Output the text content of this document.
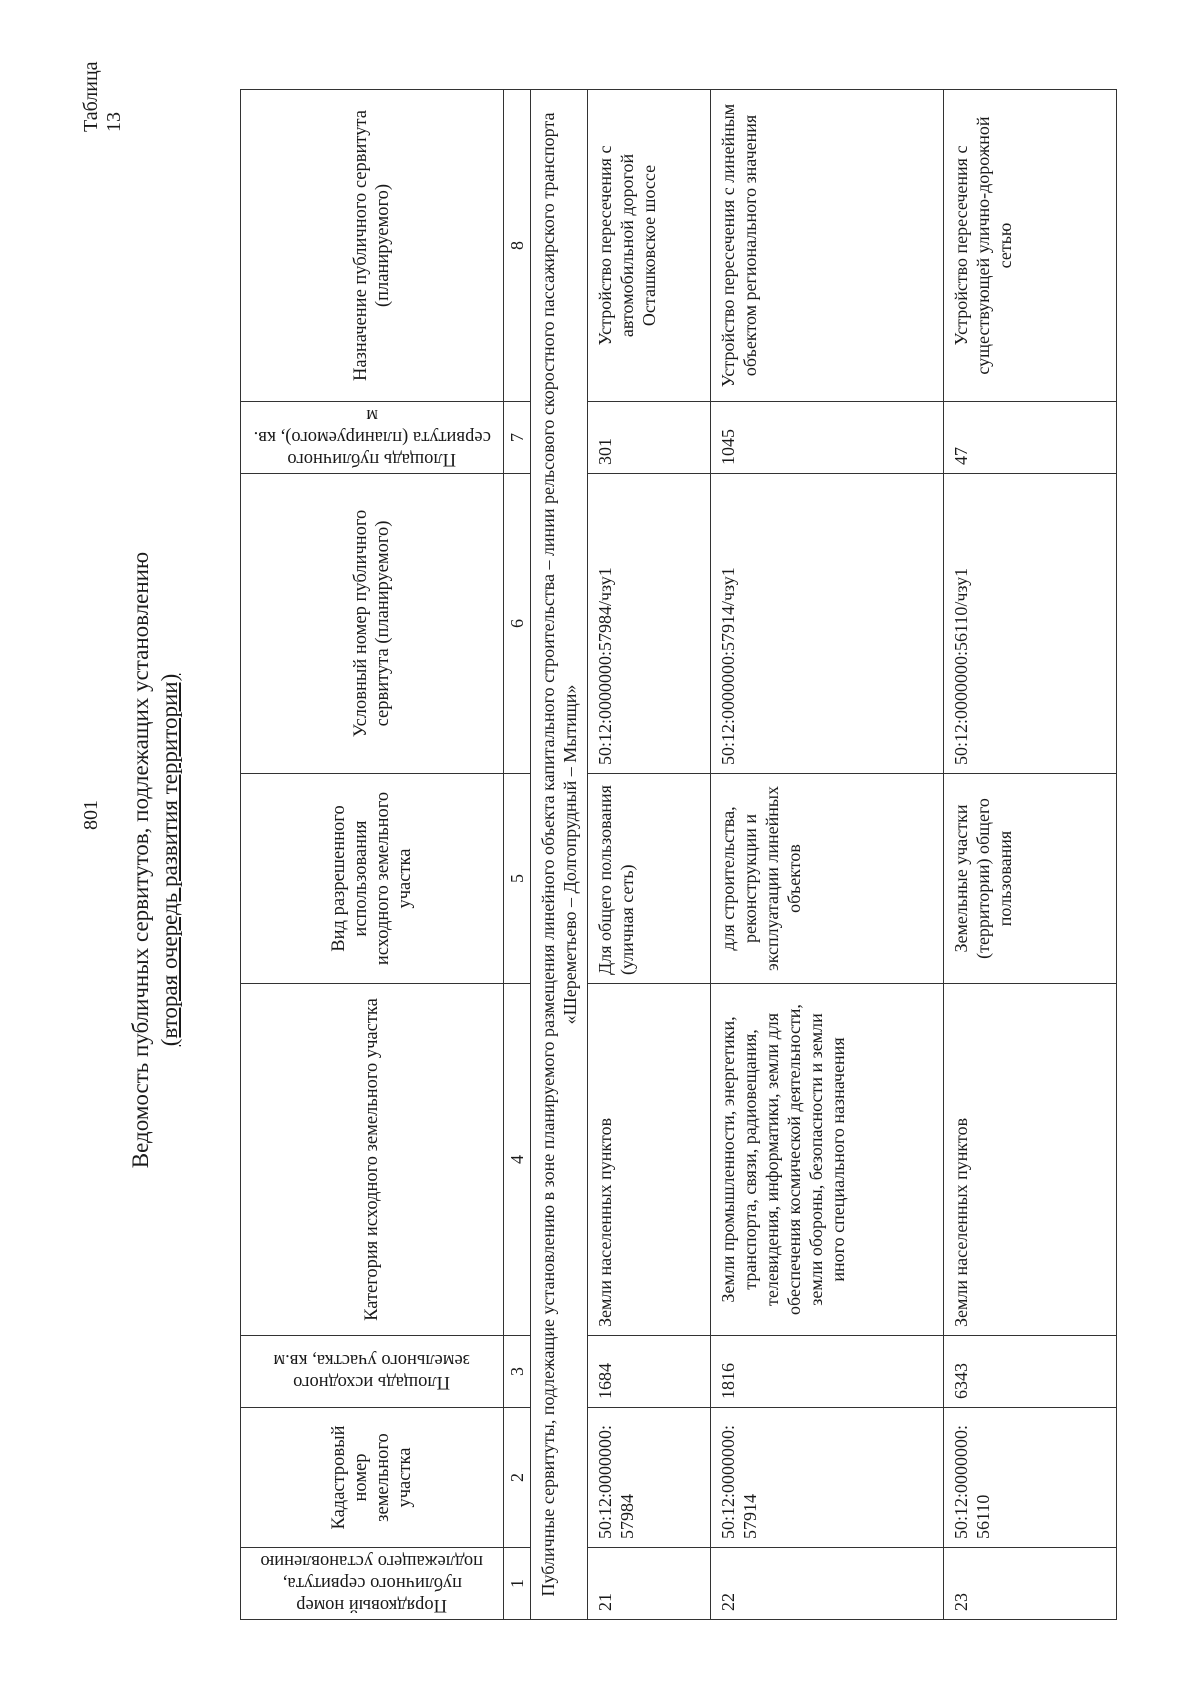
801
Таблица 13
Ведомость публичных сервитутов, подлежащих установлению (вторая очередь развития территории)
Порядковый номер публичного сервитута, подлежащего установлению	Кадастровый номер земельного участка	Площадь исходного земельного участка, кв.м	Категория исходного земельного участка	Вид разрешенного использования исходного земельного участка	Условный номер публичного сервитута (планируемого)	Площадь публичного сервитута (планируемого), кв. м	Назначение публичного сервитута (планируемого)
1	2	3	4	5	6	7	8
Публичные сервитуты, подлежащие установлению в зоне планируемого размещения линейного объекта капитального строительства – линии рельсового скоростного пассажирского транспорта «Шереметьево – Долгопрудный – Мытищи»							
21	50:12:0000000: 57984	1684	Земли населенных пунктов	Для общего пользования (уличная сеть)	50:12:0000000:57984/чзу1	301	Устройство пересечения с автомобильной дорогой Осташковское шоссе
22	50:12:0000000: 57914	1816	Земли промышленности, энергетики, транспорта, связи, радиовещания, телевидения, информатики, земли для обеспечения космической деятельности, земли обороны, безопасности и земли иного специального назначения	для строительства, реконструкции и эксплуатации линейных объектов	50:12:0000000:57914/чзу1	1045	Устройство пересечения с линейным объектом регионального значения
23	50:12:0000000: 56110	6343	Земли населенных пунктов	Земельные участки (территории) общего пользования	50:12:0000000:56110/чзу1	47	Устройство пересечения с существующей улично-дорожной сетью
